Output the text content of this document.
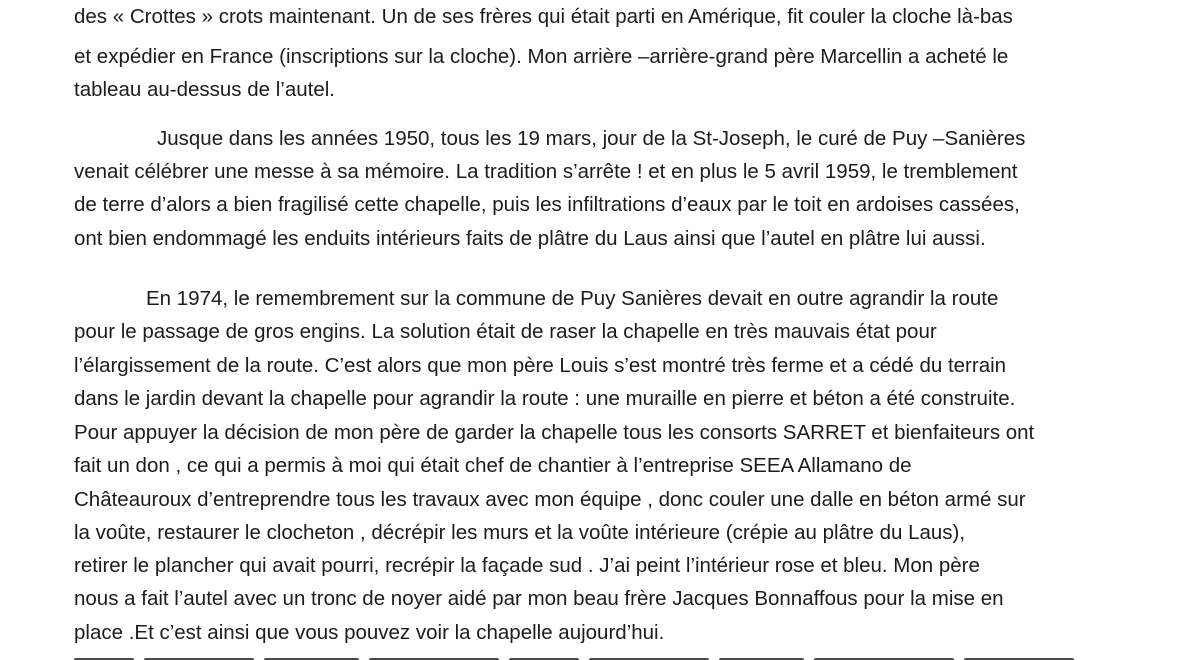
des « Crottes » crots maintenant. Un de ses frères qui était parti en Amérique, fit couler la cloche là-bas

et expédier en France (inscriptions sur la cloche). Mon arrière –arrière-grand père Marcellin a acheté le

tableau au-dessus de l’autel.

Jusque dans les années 1950, tous les 19 mars, jour de la St-Joseph, le curé de Puy –Sanières

venait célébrer une messe à sa mémoire. La tradition s’arrête ! et en plus le 5 avril 1959, le tremblement

de terre d’alors a bien fragilisé cette chapelle, puis les infiltrations d’eaux par le toit en ardoises cassées,

ont bien endommagé les enduits intérieurs faits de plâtre du Laus ainsi que l’autel en plâtre lui aussi.

En 1974, le remembrement sur la commune de Puy Sanières devait en outre agrandir la route

pour le passage de gros engins. La solution était de raser la chapelle en très mauvais état pour

l’élargissement de la route. C’est alors que mon père Louis s’est montré très ferme et a cédé du terrain

dans le jardin devant la chapelle pour agrandir la route : une muraille en pierre et béton a été construite.

Pour appuyer la décision de mon père de garder la chapelle tous les consorts SARRET et bienfaiteurs ont

fait un don , ce qui a permis à moi qui était chef de chantier à l’entreprise SEEA Allamano de

Châteauroux d’entreprendre tous les travaux avec mon équipe , donc couler une dalle en béton armé sur

la voûte, restaurer le clocheton , décrépir les murs et la voûte intérieure (crépie au plâtre du Laus),

retirer le plancher qui avait pourri, recrépir la façade sud . J’ai peint l’intérieur rose et bleu. Mon père

nous a fait l’autel avec un tronc de noyer aidé par mon beau frère Jacques Bonnaffous pour la mise en

place .Et c’est ainsi que vous pouvez voir la chapelle aujourd’hui.
